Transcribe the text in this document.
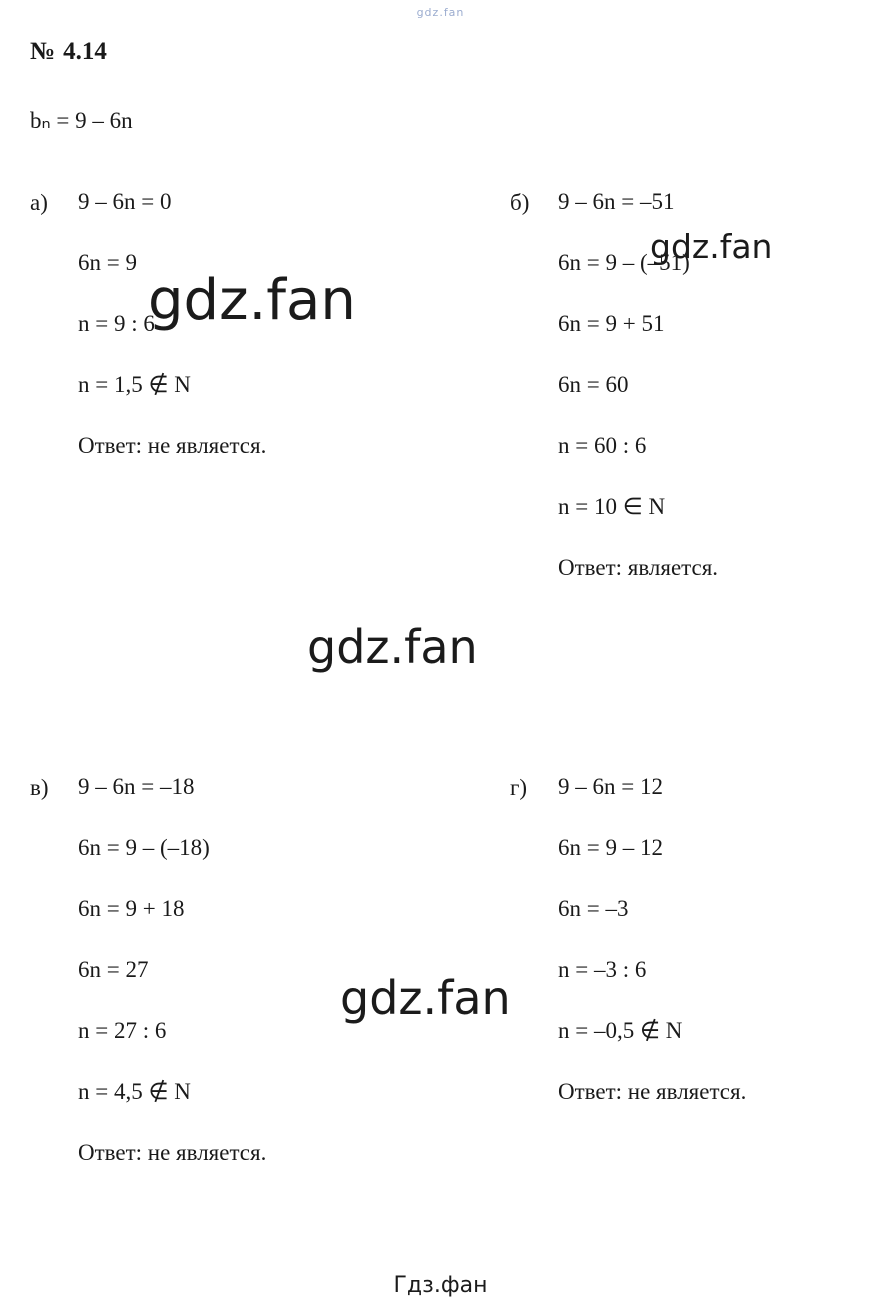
gdz.fan
№ 4.14
bₙ = 9 – 6n
а) 9 – 6n = 0
6n = 9
n = 9 : 6
n = 1,5 ∉ N
Ответ: не является.
б) 9 – 6n = –51
6n = 9 – (–51)
6n = 9 + 51
6n = 60
n = 60 : 6
n = 10 ∈ N
Ответ: является.
в) 9 – 6n = –18
6n = 9 – (–18)
6n = 9 + 18
6n = 27
n = 27 : 6
n = 4,5 ∉ N
Ответ: не является.
г) 9 – 6n = 12
6n = 9 – 12
6n = –3
n = –3 : 6
n = –0,5 ∉ N
Ответ: не является.
gdz.fan
gdz.fan
gdz.fan
gdz.fan
Гдз.фан
